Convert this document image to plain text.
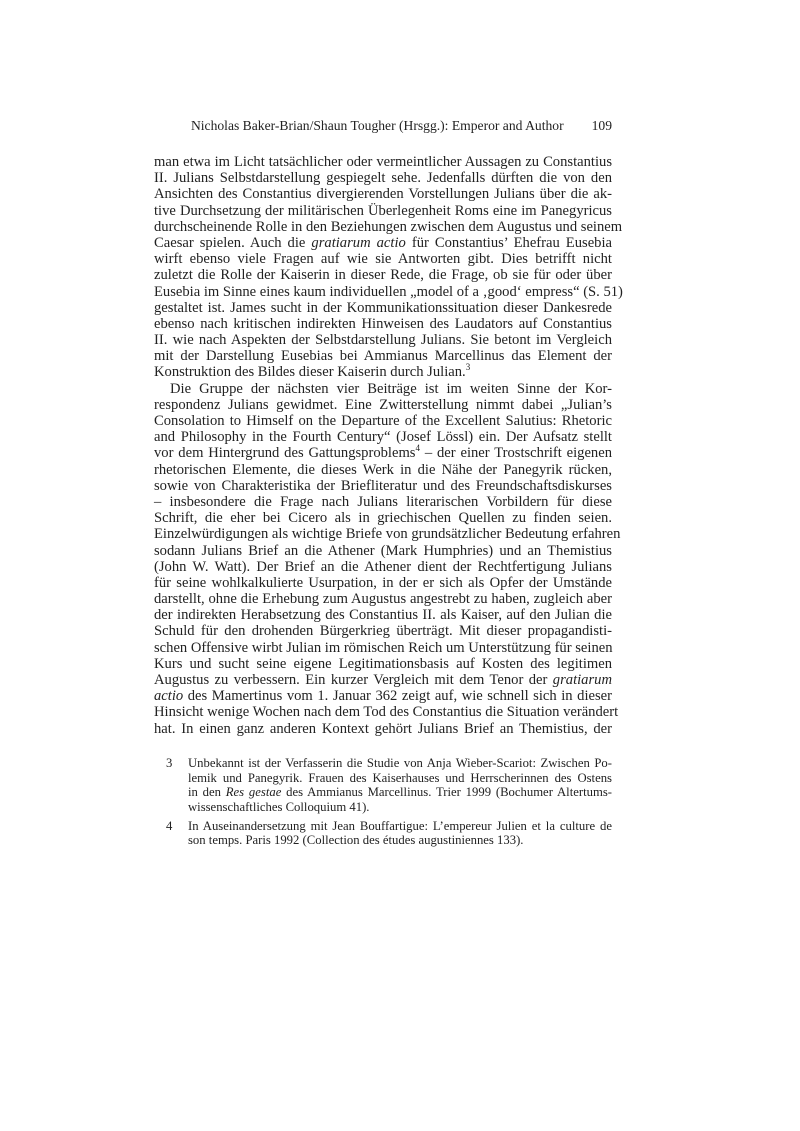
Nicholas Baker-Brian/Shaun Tougher (Hrsgg.): Emperor and Author 109
man etwa im Licht tatsächlicher oder vermeintlicher Aussagen zu Constantius
II. Julians Selbstdarstellung gespiegelt sehe. Jedenfalls dürften die von den
Ansichten des Constantius divergierenden Vorstellungen Julians über die ak-
tive Durchsetzung der militärischen Überlegenheit Roms eine im Panegyricus
durchscheinende Rolle in den Beziehungen zwischen dem Augustus und seinem
Caesar spielen. Auch die gratiarum actio für Constantius’ Ehefrau Eusebia
wirft ebenso viele Fragen auf wie sie Antworten gibt. Dies betrifft nicht
zuletzt die Rolle der Kaiserin in dieser Rede, die Frage, ob sie für oder über
Eusebia im Sinne eines kaum individuellen „model of a ‚good‘ empress“ (S. 51)
gestaltet ist. James sucht in der Kommunikationssituation dieser Dankesrede
ebenso nach kritischen indirekten Hinweisen des Laudators auf Constantius
II. wie nach Aspekten der Selbstdarstellung Julians. Sie betont im Vergleich
mit der Darstellung Eusebias bei Ammianus Marcellinus das Element der
Konstruktion des Bildes dieser Kaiserin durch Julian.$^3$
Die Gruppe der nächsten vier Beiträge ist im weiten Sinne der Kor-
respondenz Julians gewidmet. Eine Zwitterstellung nimmt dabei „Julian’s
Consolation to Himself on the Departure of the Excellent Salutius: Rhetoric
and Philosophy in the Fourth Century“ (Josef Lössl) ein. Der Aufsatz stellt
vor dem Hintergrund des Gattungsproblems$^4$ – der einer Trostschrift eigenen
rhetorischen Elemente, die dieses Werk in die Nähe der Panegyrik rücken,
sowie von Charakteristika der Briefliteratur und des Freundschaftsdiskurses
– insbesondere die Frage nach Julians literarischen Vorbildern für diese
Schrift, die eher bei Cicero als in griechischen Quellen zu finden seien.
Einzelwürdigungen als wichtige Briefe von grundsätzlicher Bedeutung erfahren
sodann Julians Brief an die Athener (Mark Humphries) und an Themistius
(John W. Watt). Der Brief an die Athener dient der Rechtfertigung Julians
für seine wohlkalkulierte Usurpation, in der er sich als Opfer der Umstände
darstellt, ohne die Erhebung zum Augustus angestrebt zu haben, zugleich aber
der indirekten Herabsetzung des Constantius II. als Kaiser, auf den Julian die
Schuld für den drohenden Bürgerkrieg überträgt. Mit dieser propagandisti-
schen Offensive wirbt Julian im römischen Reich um Unterstützung für seinen
Kurs und sucht seine eigene Legitimationsbasis auf Kosten des legitimen
Augustus zu verbessern. Ein kurzer Vergleich mit dem Tenor der gratiarum
actio des Mamertinus vom 1. Januar 362 zeigt auf, wie schnell sich in dieser
Hinsicht wenige Wochen nach dem Tod des Constantius die Situation verändert
hat. In einen ganz anderen Kontext gehört Julians Brief an Themistius, der
3	Unbekannt ist der Verfasserin die Studie von Anja Wieber-Scariot: Zwischen Po-
lemik und Panegyrik. Frauen des Kaiserhauses und Herrscherinnen des Ostens
in den Res gestae des Ammianus Marcellinus. Trier 1999 (Bochumer Altertums-
wissenschaftliches Colloquium 41).
4	In Auseinandersetzung mit Jean Bouffartigue: L’empereur Julien et la culture de
son temps. Paris 1992 (Collection des études augustiniennes 133).
